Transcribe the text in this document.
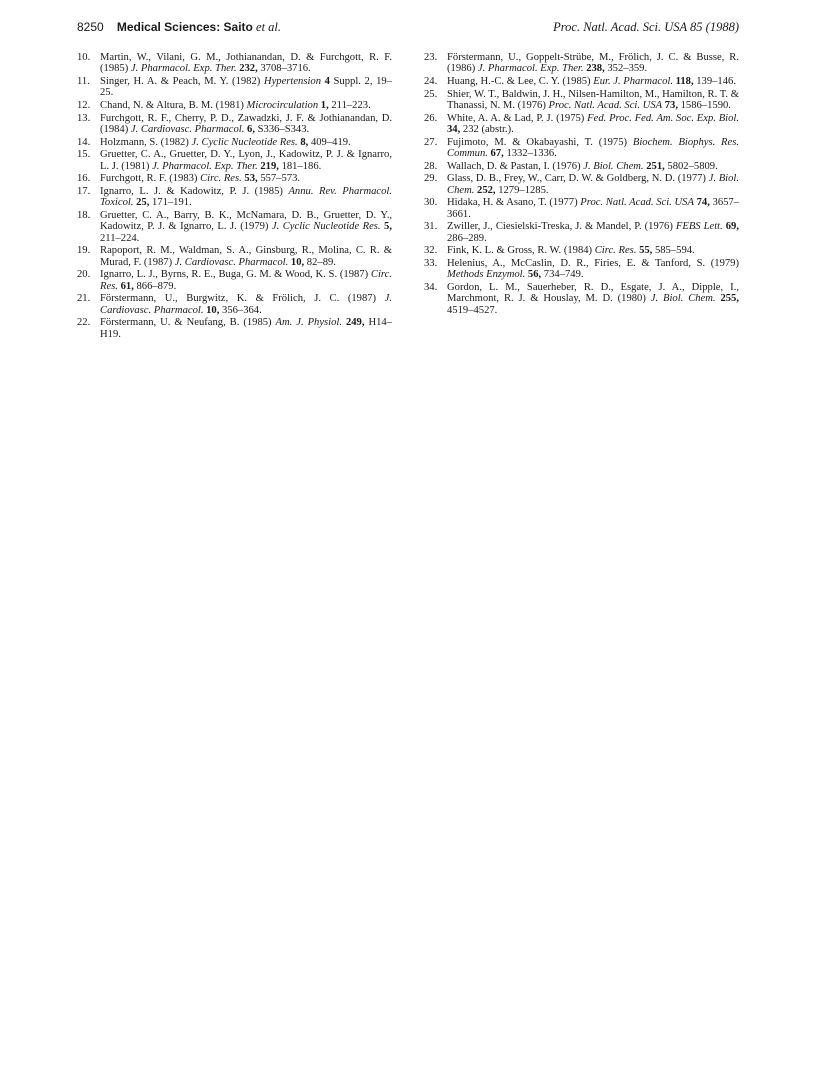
8250 Medical Sciences: Saito et al.	Proc. Natl. Acad. Sci. USA 85 (1988)
10. Martin, W., Vilani, G. M., Jothianandan, D. & Furchgott, R. F. (1985) J. Pharmacol. Exp. Ther. 232, 3708–3716.
11. Singer, H. A. & Peach, M. Y. (1982) Hypertension 4 Suppl. 2, 19–25.
12. Chand, N. & Altura, B. M. (1981) Microcirculation 1, 211–223.
13. Furchgott, R. F., Cherry, P. D., Zawadzki, J. F. & Jothianandan, D. (1984) J. Cardiovasc. Pharmacol. 6, S336–S343.
14. Holzmann, S. (1982) J. Cyclic Nucleotide Res. 8, 409–419.
15. Gruetter, C. A., Gruetter, D. Y., Lyon, J., Kadowitz, P. J. & Ignarro, L. J. (1981) J. Pharmacol. Exp. Ther. 219, 181–186.
16. Furchgott, R. F. (1983) Circ. Res. 53, 557–573.
17. Ignarro, L. J. & Kadowitz, P. J. (1985) Annu. Rev. Pharmacol. Toxicol. 25, 171–191.
18. Gruetter, C. A., Barry, B. K., McNamara, D. B., Gruetter, D. Y., Kadowitz, P. J. & Ignarro, L. J. (1979) J. Cyclic Nucleotide Res. 5, 211–224.
19. Rapoport, R. M., Waldman, S. A., Ginsburg, R., Molina, C. R. & Murad, F. (1987) J. Cardiovasc. Pharmacol. 10, 82–89.
20. Ignarro, L. J., Byrns, R. E., Buga, G. M. & Wood, K. S. (1987) Circ. Res. 61, 866–879.
21. Förstermann, U., Burgwitz, K. & Frölich, J. C. (1987) J. Cardiovasc. Pharmacol. 10, 356–364.
22. Förstermann, U. & Neufang, B. (1985) Am. J. Physiol. 249, H14–H19.
23. Förstermann, U., Goppelt-Strübe, M., Frölich, J. C. & Busse, R. (1986) J. Pharmacol. Exp. Ther. 238, 352–359.
24. Huang, H.-C. & Lee, C. Y. (1985) Eur. J. Pharmacol. 118, 139–146.
25. Shier, W. T., Baldwin, J. H., Nilsen-Hamilton, M., Hamilton, R. T. & Thanassi, N. M. (1976) Proc. Natl. Acad. Sci. USA 73, 1586–1590.
26. White, A. A. & Lad, P. J. (1975) Fed. Proc. Fed. Am. Soc. Exp. Biol. 34, 232 (abstr.).
27. Fujimoto, M. & Okabayashi, T. (1975) Biochem. Biophys. Res. Commun. 67, 1332–1336.
28. Wallach, D. & Pastan, I. (1976) J. Biol. Chem. 251, 5802–5809.
29. Glass, D. B., Frey, W., Carr, D. W. & Goldberg, N. D. (1977) J. Biol. Chem. 252, 1279–1285.
30. Hidaka, H. & Asano, T. (1977) Proc. Natl. Acad. Sci. USA 74, 3657–3661.
31. Zwiller, J., Ciesielski-Treska, J. & Mandel, P. (1976) FEBS Lett. 69, 286–289.
32. Fink, K. L. & Gross, R. W. (1984) Circ. Res. 55, 585–594.
33. Helenius, A., McCaslin, D. R., Firies, E. & Tanford, S. (1979) Methods Enzymol. 56, 734–749.
34. Gordon, L. M., Sauerheber, R. D., Esgate, J. A., Dipple, I., Marchmont, R. J. & Houslay, M. D. (1980) J. Biol. Chem. 255, 4519–4527.
